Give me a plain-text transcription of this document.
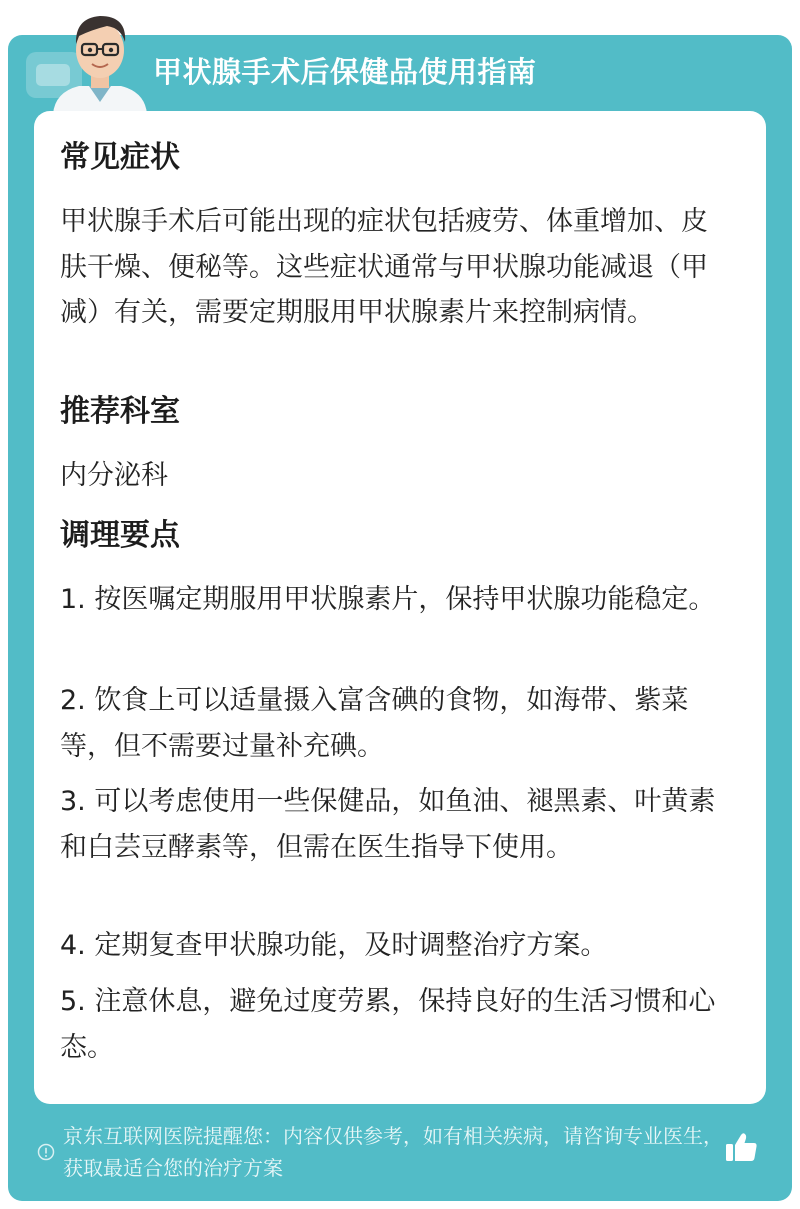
甲状腺手术后保健品使用指南
常见症状
甲状腺手术后可能出现的症状包括疲劳、体重增加、皮肤干燥、便秘等。这些症状通常与甲状腺功能减退（甲减）有关，需要定期服用甲状腺素片来控制病情。
推荐科室
内分泌科
调理要点
1. 按医嘱定期服用甲状腺素片，保持甲状腺功能稳定。
2. 饮食上可以适量摄入富含碘的食物，如海带、紫菜等，但不需要过量补充碘。
3. 可以考虑使用一些保健品，如鱼油、褪黑素、叶黄素和白芸豆酵素等，但需在医生指导下使用。
4. 定期复查甲状腺功能，及时调整治疗方案。
5. 注意休息，避免过度劳累，保持良好的生活习惯和心态。
京东互联网医院提醒您：内容仅供参考，如有相关疾病，请咨询专业医生，获取最适合您的治疗方案
